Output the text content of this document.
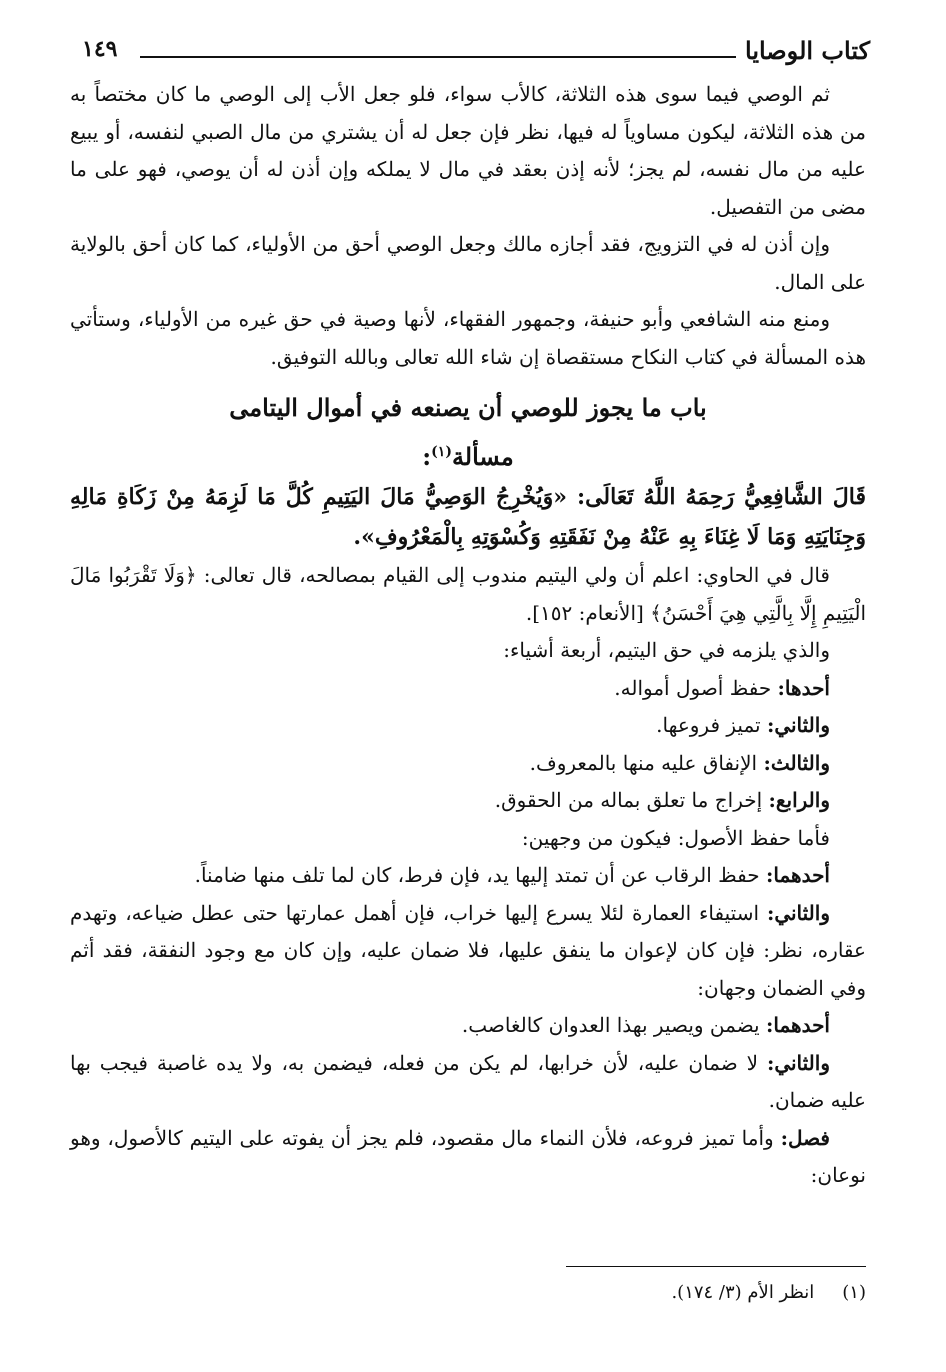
كتاب الوصايا
١٤٩

ثم الوصي فيما سوى هذه الثلاثة، كالأب سواء، فلو جعل الأب إلى الوصي ما كان مختصاً به من هذه الثلاثة، ليكون مساوياً له فيها، نظر فإن جعل له أن يشتري من مال الصبي لنفسه، أو يبيع عليه من مال نفسه، لم يجز؛ لأنه إذن بعقد في مال لا يملكه وإن أذن له أن يوصي، فهو على ما مضى من التفصيل.

وإن أذن له في التزويج، فقد أجازه مالك وجعل الوصي أحق من الأولياء، كما كان أحق بالولاية على المال.

ومنع منه الشافعي وأبو حنيفة، وجمهور الفقهاء، لأنها وصية في حق غيره من الأولياء، وستأتي هذه المسألة في كتاب النكاح مستقصاة إن شاء الله تعالى وبالله التوفيق.

باب ما يجوز للوصي أن يصنعه في أموال اليتامى
مسألة$^{(١)}$:

قَالَ الشَّافِعِيُّ رَحِمَهُ اللَّهُ تَعَالَى: «وَيُخْرِجُ الوَصِيُّ مَالَ اليَتِيمِ كُلَّ مَا لَزِمَهُ مِنْ زَكَاةِ مَالِهِ وَجِنَايَتِهِ وَمَا لَا غِنَاءَ بِهِ عَنْهُ مِنْ نَفَقَتِهِ وَكُسْوَتِهِ بِالْمَعْرُوفِ».

قال في الحاوي: اعلم أن ولي اليتيم مندوب إلى القيام بمصالحه، قال تعالى: ﴿وَلَا تَقْرَبُوا مَالَ الْيَتِيمِ إِلَّا بِالَّتِي هِيَ أَحْسَنُ﴾ [الأنعام: ١٥٢].

والذي يلزمه في حق اليتيم، أربعة أشياء:

أحدها: حفظ أصول أمواله.

والثاني: تميز فروعها.

والثالث: الإنفاق عليه منها بالمعروف.

والرابع: إخراج ما تعلق بماله من الحقوق.

فأما حفظ الأصول: فيكون من وجهين:

أحدهما: حفظ الرقاب عن أن تمتد إليها يد، فإن فرط، كان لما تلف منها ضامناً.

والثاني: استيفاء العمارة لئلا يسرع إليها خراب، فإن أهمل عمارتها حتى عطل ضياعه، وتهدم عقاره، نظر: فإن كان لإعوان ما ينفق عليها، فلا ضمان عليه، وإن كان مع وجود النفقة، فقد أثم وفي الضمان وجهان:

أحدهما: يضمن ويصير بهذا العدوان كالغاصب.

والثاني: لا ضمان عليه، لأن خرابها، لم يكن من فعله، فيضمن به، ولا يده غاصبة فيجب بها عليه ضمان.

فصل: وأما تميز فروعه، فلأن النماء مال مقصود، فلم يجز أن يفوته على اليتيم كالأصول، وهو نوعان:

(١)انظر الأم (٣/ ١٧٤).
